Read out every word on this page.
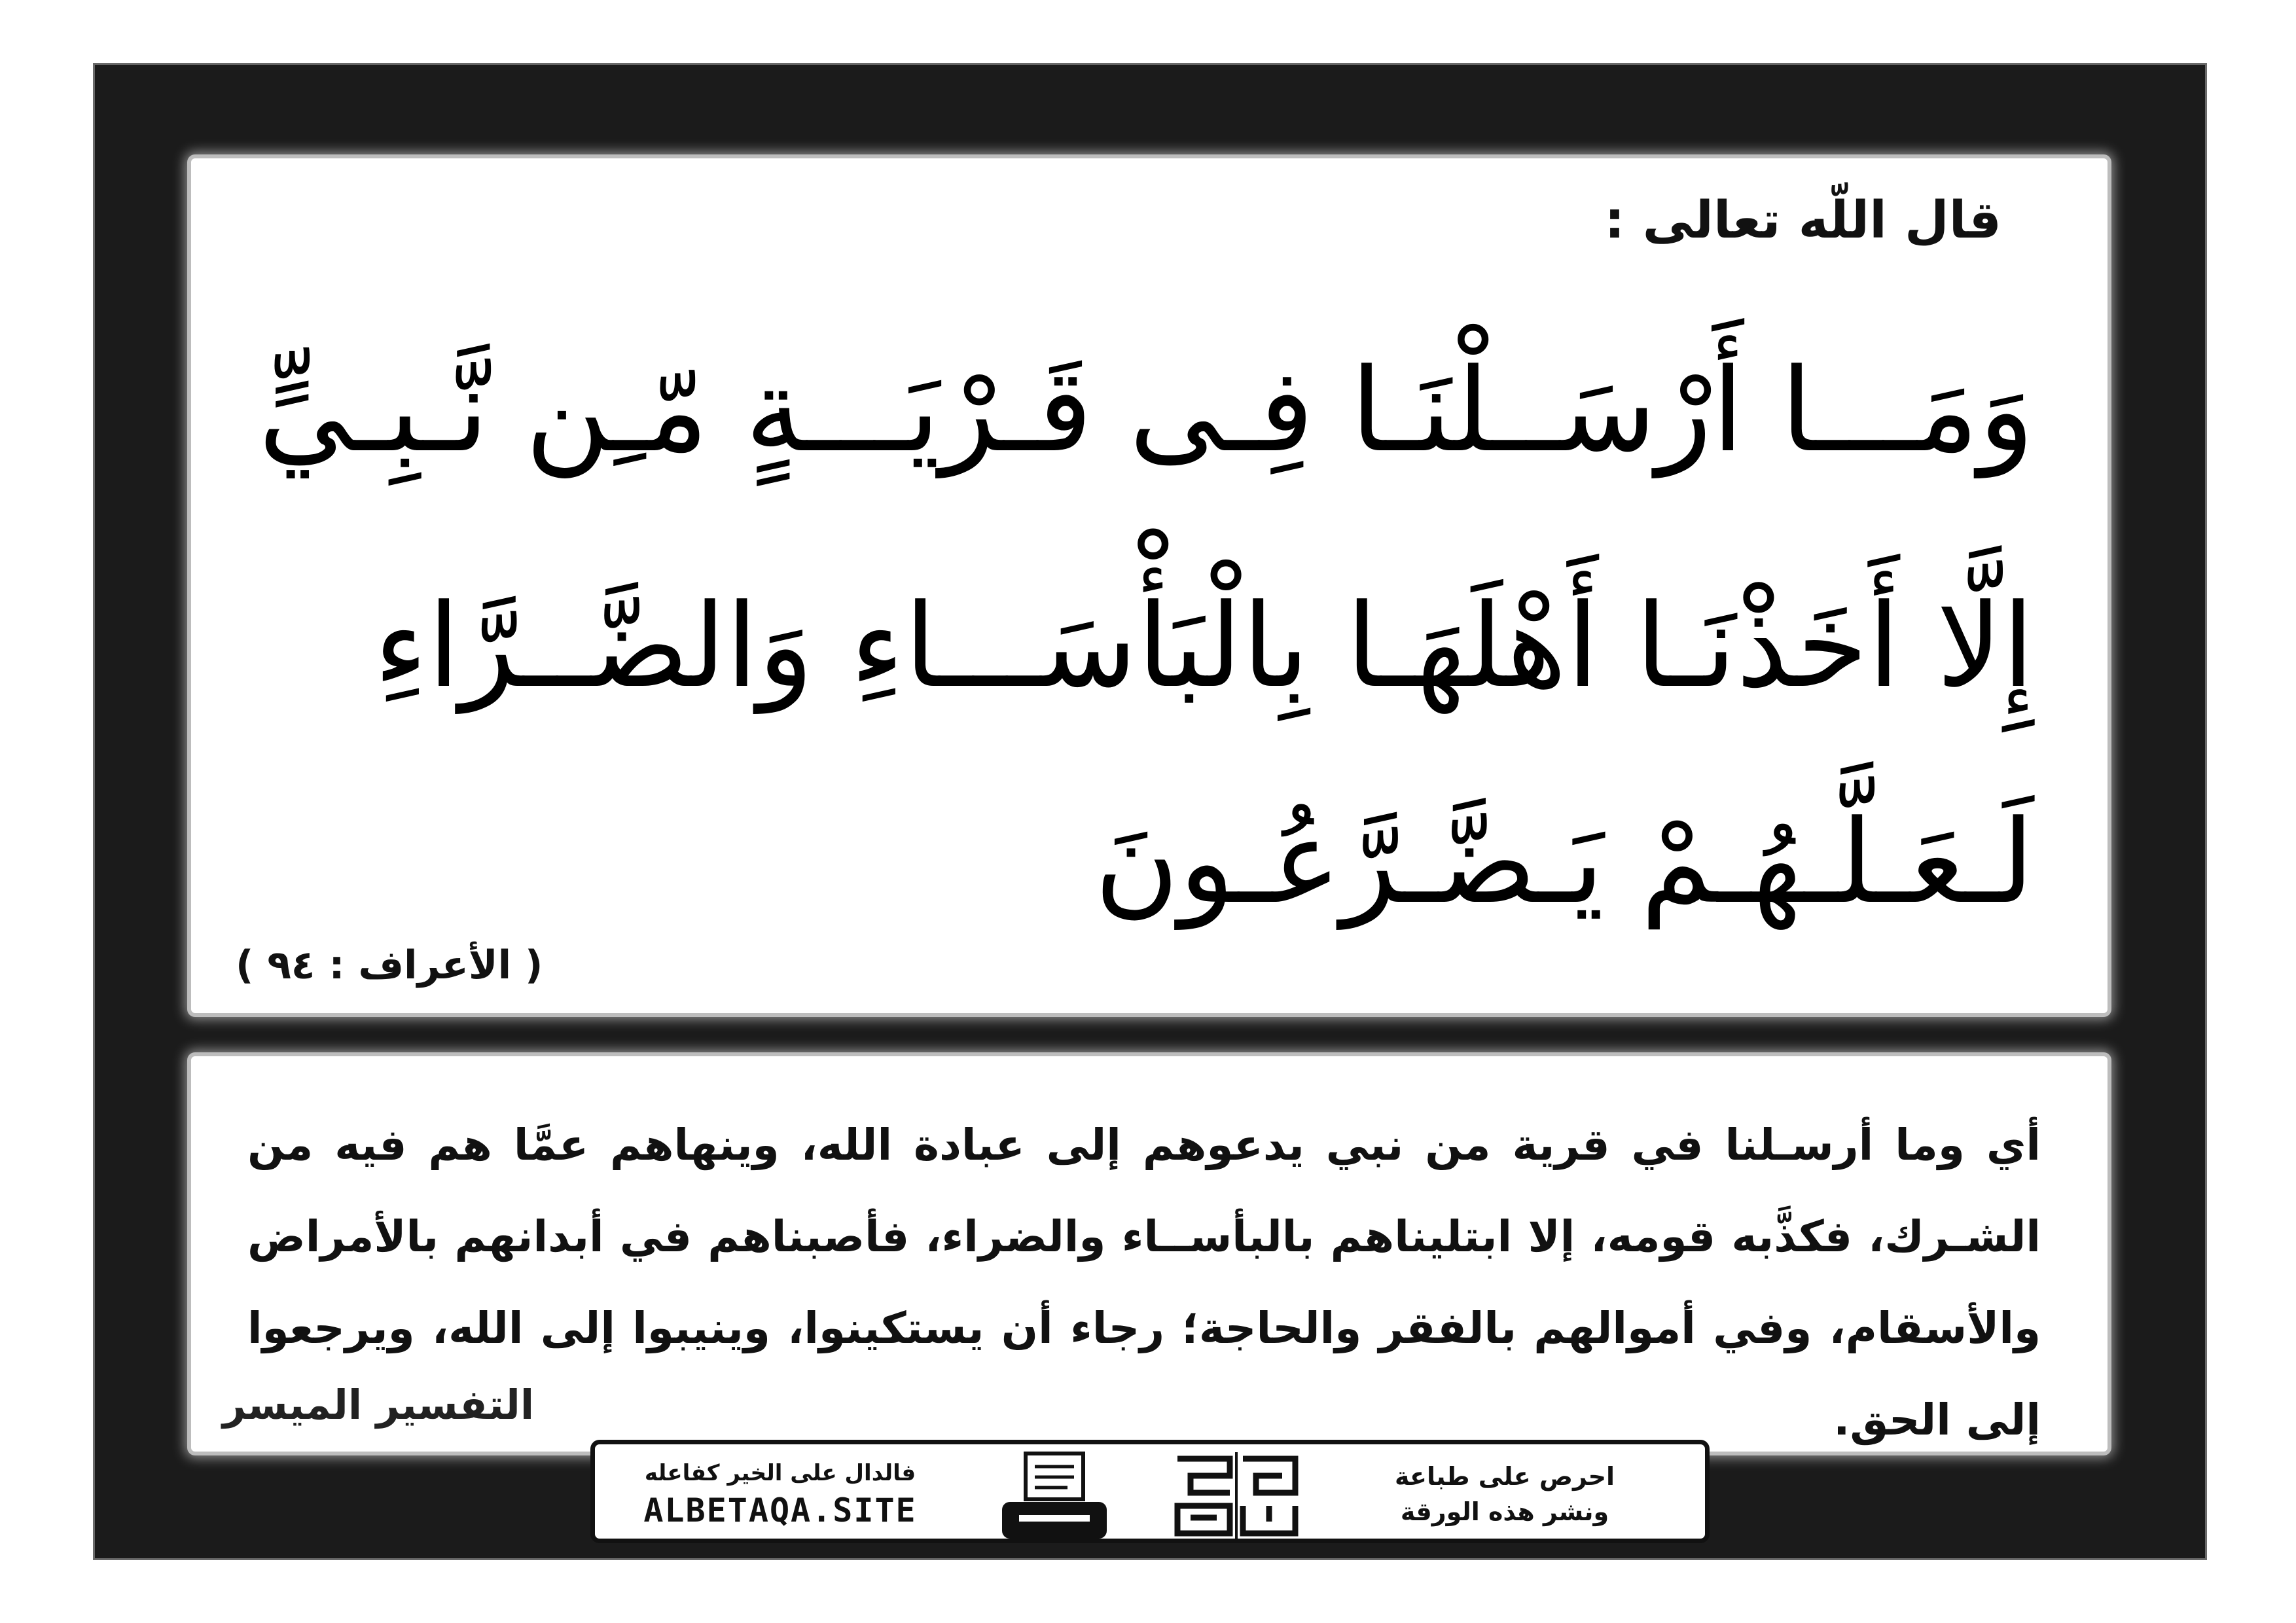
قال اللّه تعالى :
وَمَـــا أَرْسَــلْنَـا فِـى قَـرْيَـــةٍ مّـِن نَّـبِـيٍّ
إِلَّا أَخَذْنَـا أَهْلَهَـا بِالْبَأْسَـــاءِ وَالضَّــرَّاءِ
لَـعَـلَّـهُـمْ يَـضَّـرَّعُـونَ
( الأعراف : ٩٤ )
أي وما أرسـلنا في قرية من نبي يدعوهم إلى عبادة الله، وينهاهم عمَّا هم فيه من الشـرك، فكذَّبه قومه، إلا ابتليناهم بالبأســاء والضراء، فأصبناهم في أبدانهم بالأمراض والأسقام، وفي أموالهم بالفقر والحاجة؛ رجاء أن يستكينوا، وينيبوا إلى الله، ويرجعوا إلى الحق.
التفسير الميسر
فالدال على الخير كفاعله
ALBETAQA.SITE
احرص على طباعة
ونشر هذه الورقة
